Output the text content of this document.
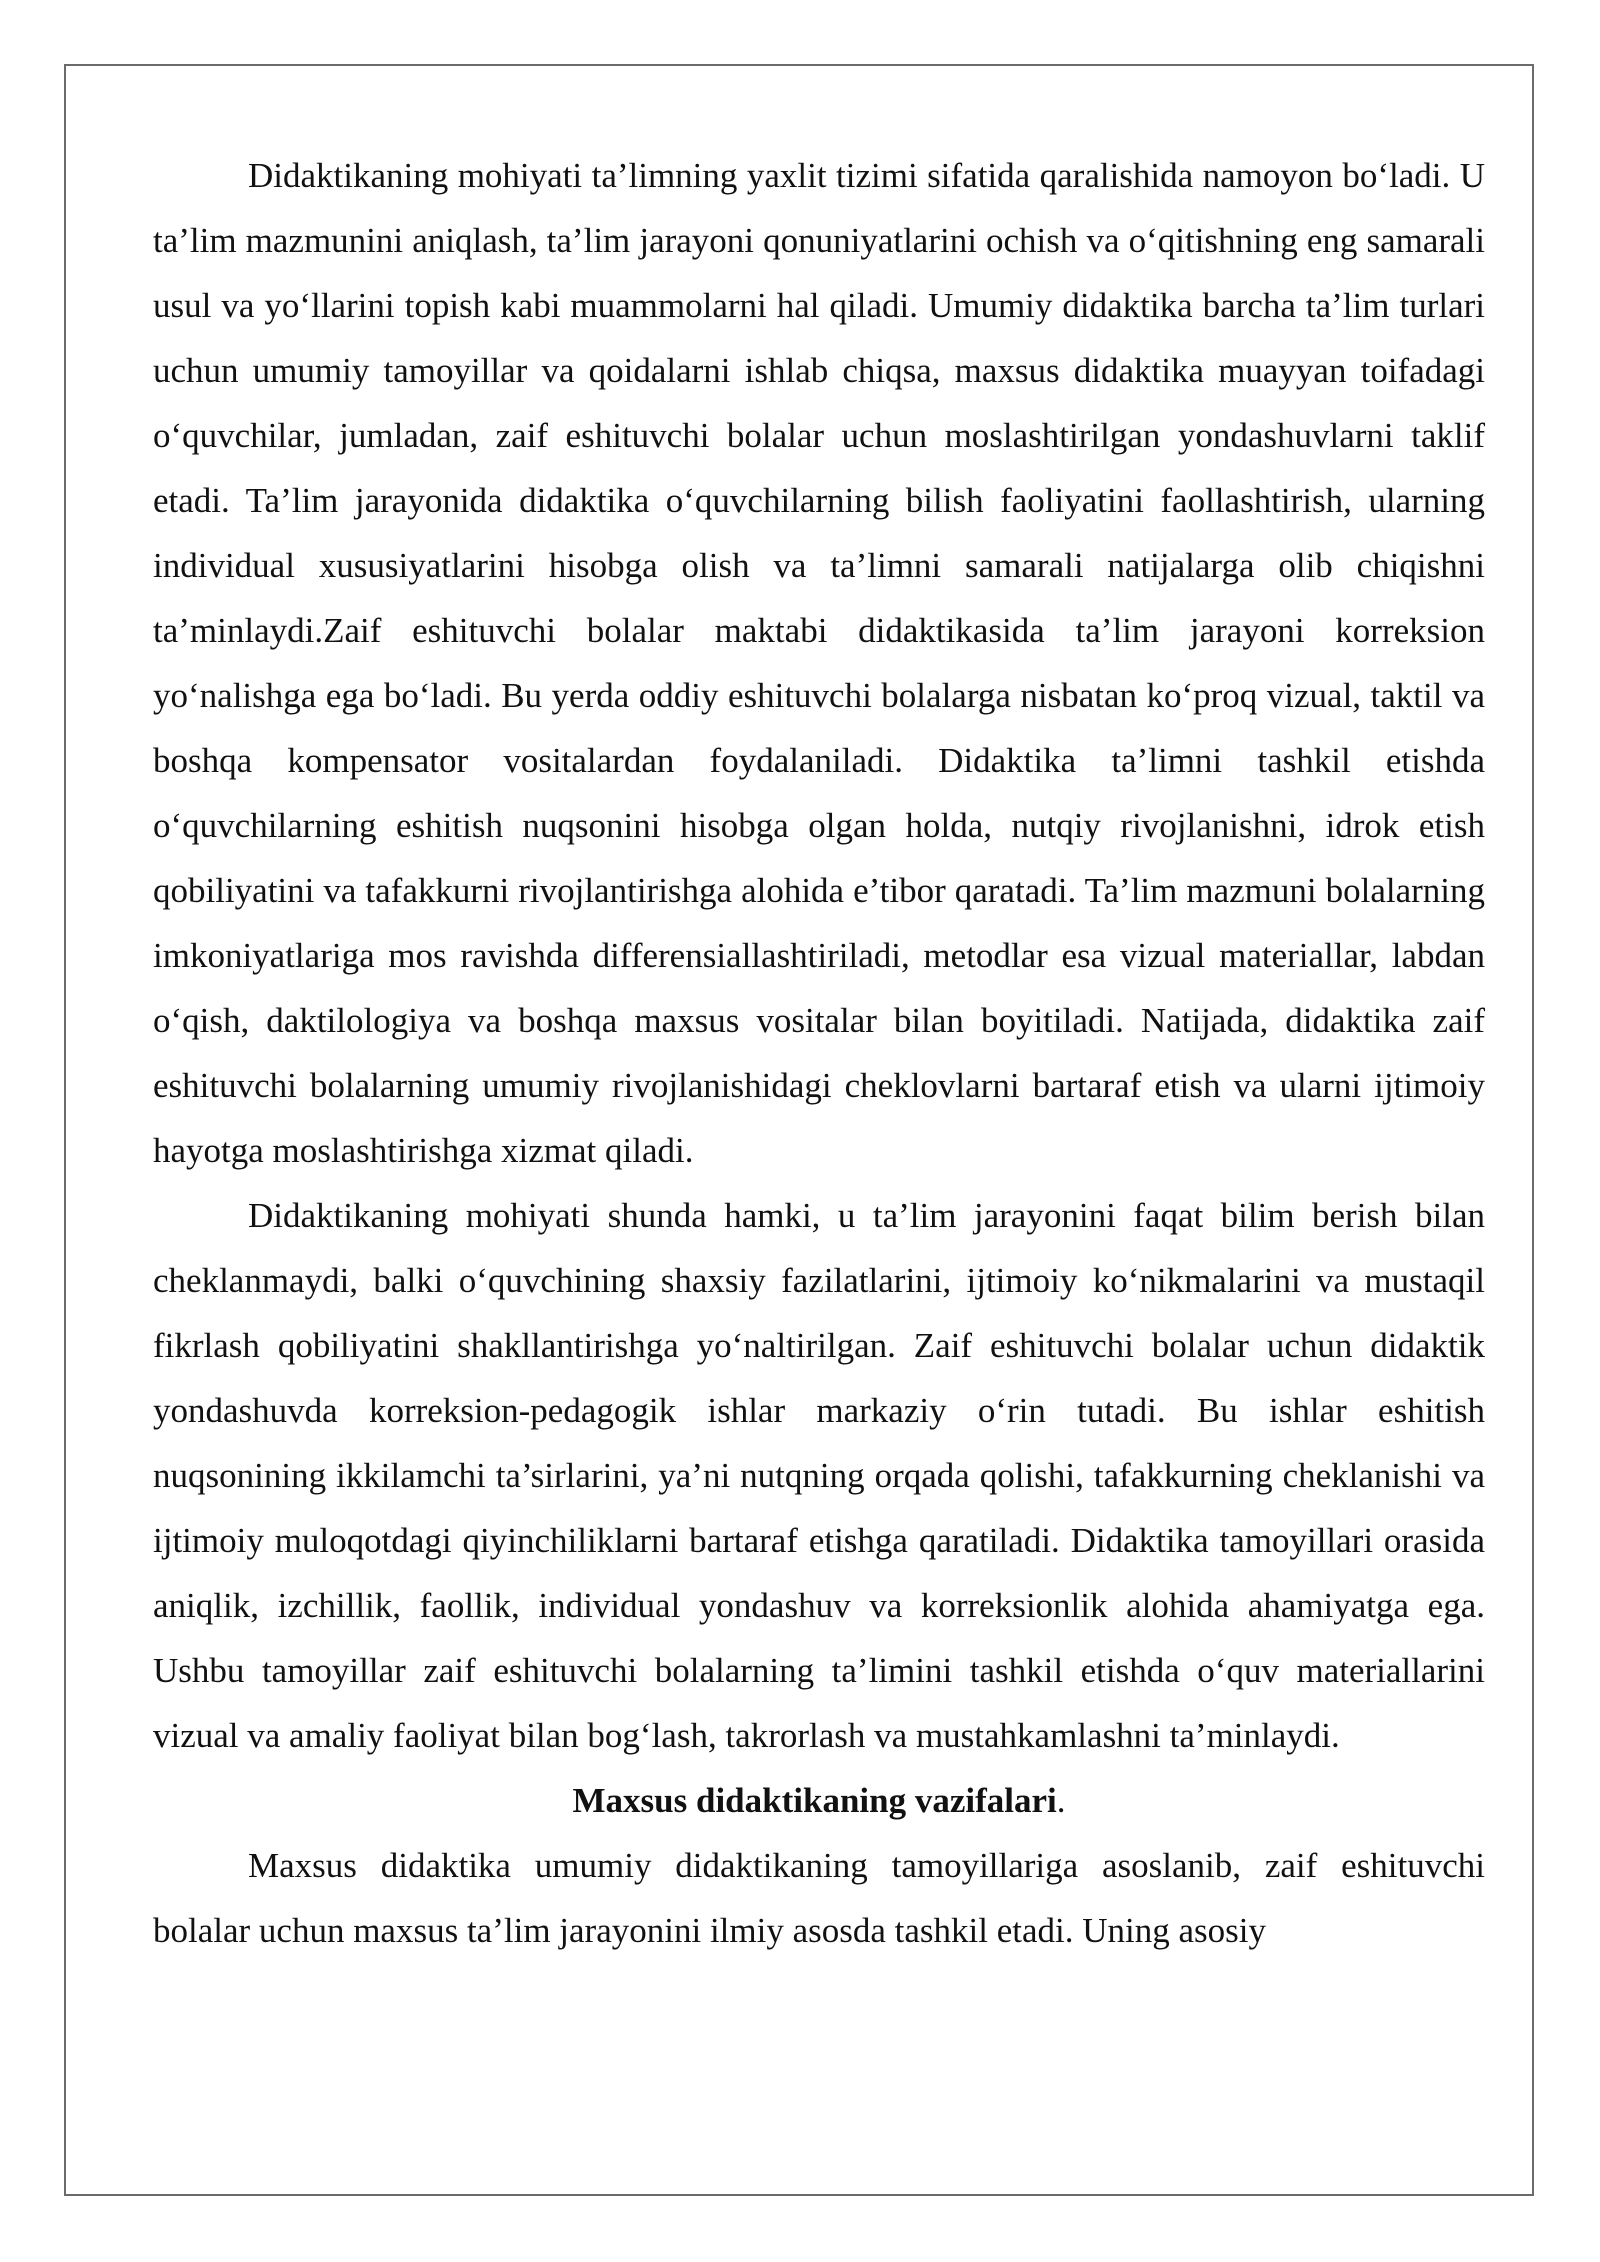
Didaktikaning mohiyati ta’limning yaxlit tizimi sifatida qaralishida namoyon bo‘ladi. U ta’lim mazmunini aniqlash, ta’lim jarayoni qonuniyatlarini ochish va o‘qitishning eng samarali usul va yo‘llarini topish kabi muammolarni hal qiladi. Umumiy didaktika barcha ta’lim turlari uchun umumiy tamoyillar va qoidalarni ishlab chiqsa, maxsus didaktika muayyan toifadagi o‘quvchilar, jumladan, zaif eshituvchi bolalar uchun moslashtirilgan yondashuvlarni taklif etadi. Ta’lim jarayonida didaktika o‘quvchilarning bilish faoliyatini faollashtirish, ularning individual xususiyatlarini hisobga olish va ta’limni samarali natijalarga olib chiqishni ta’minlaydi.Zaif eshituvchi bolalar maktabi didaktikasida ta’lim jarayoni korreksion yo‘nalishga ega bo‘ladi. Bu yerda oddiy eshituvchi bolalarga nisbatan ko‘proq vizual, taktil va boshqa kompensator vositalardan foydalaniladi. Didaktika ta’limni tashkil etishda o‘quvchilarning eshitish nuqsonini hisobga olgan holda, nutqiy rivojlanishni, idrok etish qobiliyatini va tafakkurni rivojlantirishga alohida e’tibor qaratadi. Ta’lim mazmuni bolalarning imkoniyatlariga mos ravishda differensiallashtiriladi, metodlar esa vizual materiallar, labdan o‘qish, daktilologiya va boshqa maxsus vositalar bilan boyitiladi. Natijada, didaktika zaif eshituvchi bolalarning umumiy rivojlanishidagi cheklovlarni bartaraf etish va ularni ijtimoiy hayotga moslashtirishga xizmat qiladi.

Didaktikaning mohiyati shunda hamki, u ta’lim jarayonini faqat bilim berish bilan cheklanmaydi, balki o‘quvchining shaxsiy fazilatlarini, ijtimoiy ko‘nikmalarini va mustaqil fikrlash qobiliyatini shakllantirishga yo‘naltirilgan. Zaif eshituvchi bolalar uchun didaktik yondashuvda korreksion-pedagogik ishlar markaziy o‘rin tutadi. Bu ishlar eshitish nuqsonining ikkilamchi ta’sirlarini, ya’ni nutqning orqada qolishi, tafakkurning cheklanishi va ijtimoiy muloqotdagi qiyinchiliklarni bartaraf etishga qaratiladi. Didaktika tamoyillari orasida aniqlik, izchillik, faollik, individual yondashuv va korreksionlik alohida ahamiyatga ega. Ushbu tamoyillar zaif eshituvchi bolalarning ta’limini tashkil etishda o‘quv materiallarini vizual va amaliy faoliyat bilan bog‘lash, takrorlash va mustahkamlashni ta’minlaydi.

Maxsus didaktikaning vazifalari.

Maxsus didaktika umumiy didaktikaning tamoyillariga asoslanib, zaif eshituvchi bolalar uchun maxsus ta’lim jarayonini ilmiy asosda tashkil etadi. Uning asosiy
